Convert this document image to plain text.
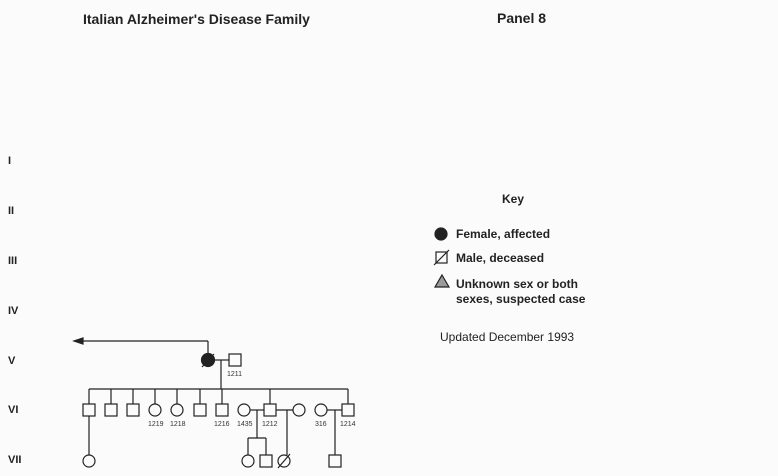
Italian Alzheimer's Disease Family	Panel 8
I
II
III
IV
V
VI
VII
Key
1211
1219 1218	1216 1435 1212	316 1214
Female, affected
Male, deceased
Unknown sex or both sexes, suspected case
Updated December 1993
